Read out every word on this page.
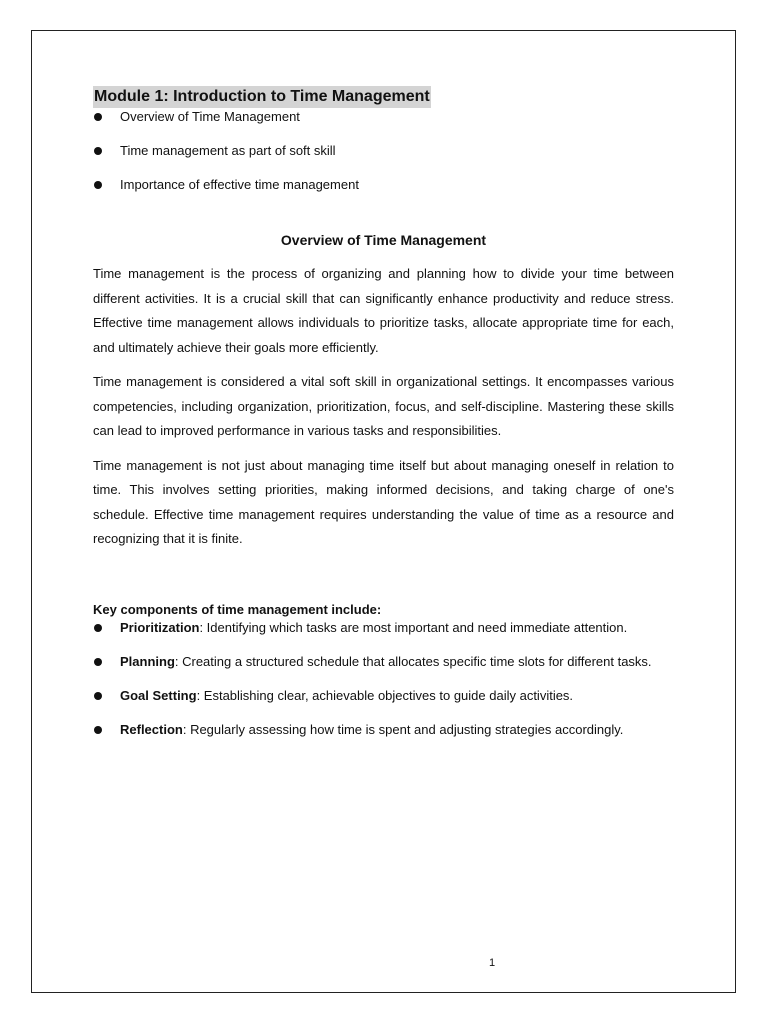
Module 1: Introduction to Time Management
Overview of Time Management
Time management as part of soft skill
Importance of effective time management
Overview of Time Management

Time management is the process of organizing and planning how to divide your time between different activities. It is a crucial skill that can significantly enhance productivity and reduce stress. Effective time management allows individuals to prioritize tasks, allocate appropriate time for each, and ultimately achieve their goals more efficiently.

Time management is considered a vital soft skill in organizational settings. It encompasses various competencies, including organization, prioritization, focus, and self-discipline. Mastering these skills can lead to improved performance in various tasks and responsibilities.

Time management is not just about managing time itself but about managing oneself in relation to time. This involves setting priorities, making informed decisions, and taking charge of one's schedule. Effective time management requires understanding the value of time as a resource and recognizing that it is finite.

Key components of time management include:

Prioritization: Identifying which tasks are most important and need immediate attention.
Planning: Creating a structured schedule that allocates specific time slots for different tasks.
Goal Setting: Establishing clear, achievable objectives to guide daily activities.
Reflection: Regularly assessing how time is spent and adjusting strategies accordingly.
1
